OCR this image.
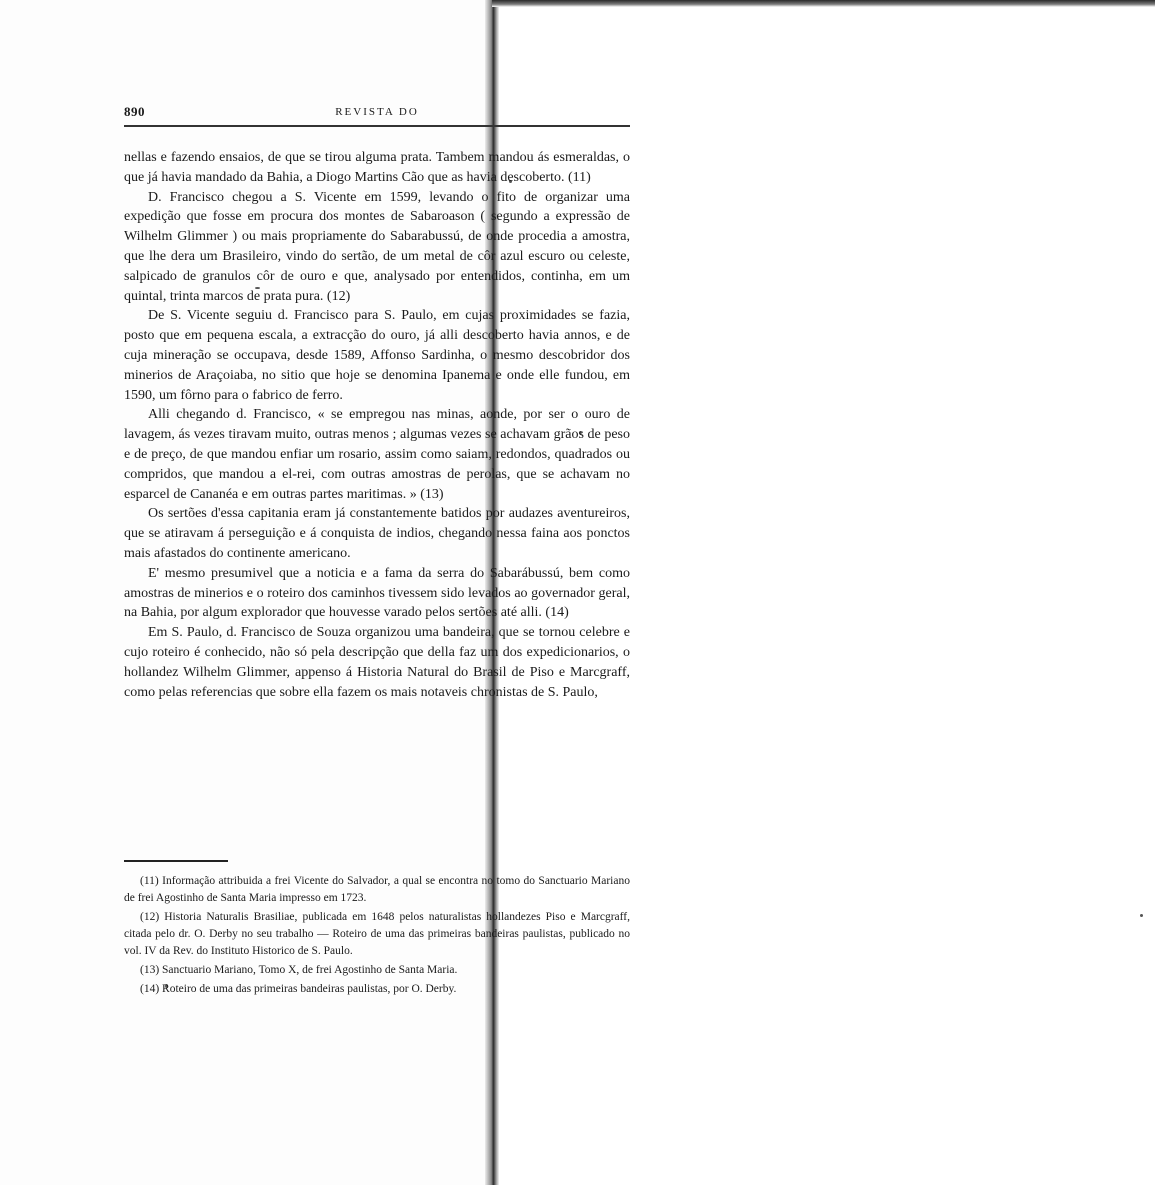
890	REVISTA DO

nellas e fazendo ensaios, de que se tirou alguma prata. Tambem mandou ás esmeraldas, o que já havia mandado da Bahia, a Diogo Martins Cão que as havia descoberto. (11)

D. Francisco chegou a S. Vicente em 1599, levando o fito de organizar uma expedição que fosse em procura dos montes de Sabaroason ( segundo a expressão de Wilhelm Glimmer ) ou mais propriamente do Sabarabussú, de onde procedia a amostra, que lhe dera um Brasileiro, vindo do sertão, de um metal de côr azul escuro ou celeste, salpicado de granulos côr de ouro e que, analysado por entendidos, continha, em um quintal, trinta marcos de prata pura. (12)

De S. Vicente seguiu d. Francisco para S. Paulo, em cujas proximidades se fazia, posto que em pequena escala, a extracção do ouro, já alli descoberto havia annos, e de cuja mineração se occupava, desde 1589, Affonso Sardinha, o mesmo descobridor dos minerios de Araçoiaba, no sitio que hoje se denomina Ipanema e onde elle fundou, em 1590, um fôrno para o fabrico de ferro.

Alli chegando d. Francisco, « se empregou nas minas, aonde, por ser o ouro de lavagem, ás vezes tiravam muito, outras menos ; algumas vezes se achavam grãos de peso e de preço, de que mandou enfiar um rosario, assim como saiam, redondos, quadrados ou compridos, que mandou a el-rei, com outras amostras de perolas, que se achavam no esparcel de Cananéa e em outras partes maritimas. » (13)

Os sertões d'essa capitania eram já constantemente batidos por audazes aventureiros, que se atiravam á perseguição e á conquista de indios, chegando nessa faina aos ponctos mais afastados do continente americano.

E' mesmo presumivel que a noticia e a fama da serra do Sabarábussú, bem como amostras de minerios e o roteiro dos caminhos tivessem sido levados ao governador geral, na Bahia, por algum explorador que houvesse varado pelos sertões até alli. (14)

Em S. Paulo, d. Francisco de Souza organizou uma bandeira, que se tornou celebre e cujo roteiro é conhecido, não só pela descripção que della faz um dos expedicionarios, o hollandez Wilhelm Glimmer, appenso á Historia Natural do Brasil de Piso e Marcgraff, como pelas referencias que sobre ella fazem os mais notaveis chronistas de S. Paulo,

(11) Informação attribuida a frei Vicente do Salvador, a qual se encontra no tomo do Sanctuario Mariano de frei Agostinho de Santa Maria impresso em 1723.

(12) Historia Naturalis Brasiliae, publicada em 1648 pelos naturalistas hollandezes Piso e Marcgraff, citada pelo dr. O. Derby no seu trabalho — Roteiro de uma das primeiras bandeiras paulistas, publicado no vol. IV da Rev. do Instituto Historico de S. Paulo.

(13) Sanctuario Mariano, Tomo X, de frei Agostinho de Santa Maria.

(14) Roteiro de uma das primeiras bandeiras paulistas, por O. Derby.
